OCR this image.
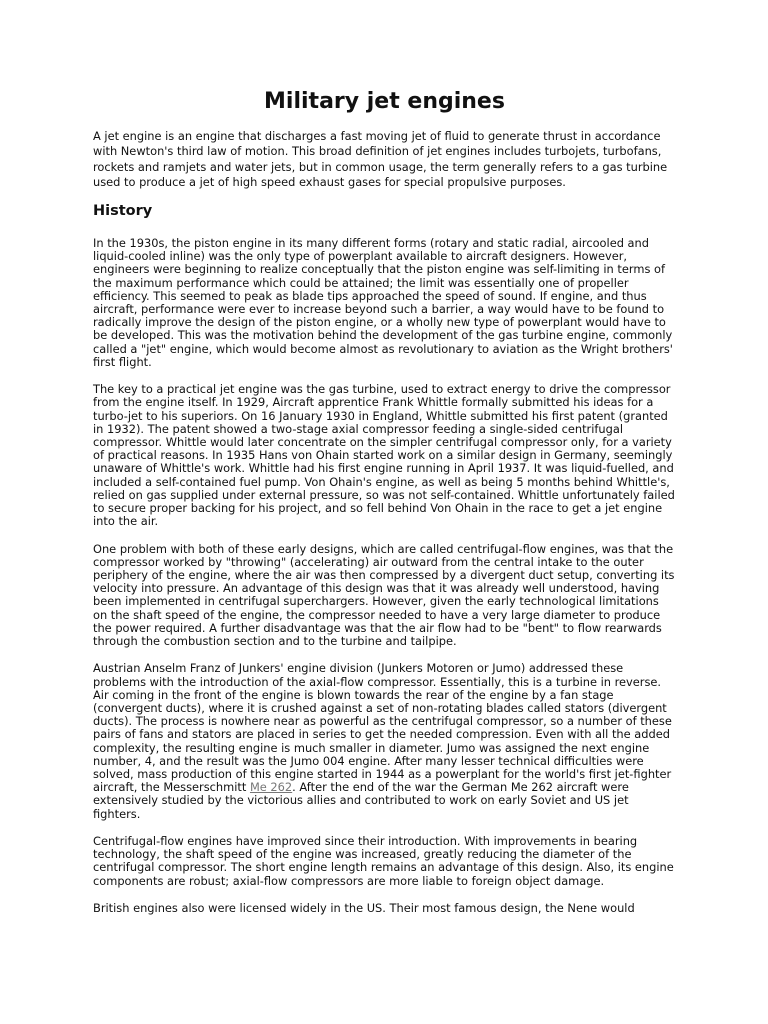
Military jet engines

A jet engine is an engine that discharges a fast moving jet of fluid to generate thrust in accordance with Newton's third law of motion. This broad definition of jet engines includes turbojets, turbofans, rockets and ramjets and water jets, but in common usage, the term generally refers to a gas turbine used to produce a jet of high speed exhaust gases for special propulsive purposes.

History

In the 1930s, the piston engine in its many different forms (rotary and static radial, aircooled and liquid-cooled inline) was the only type of powerplant available to aircraft designers. However, engineers were beginning to realize conceptually that the piston engine was self-limiting in terms of the maximum performance which could be attained; the limit was essentially one of propeller efficiency. This seemed to peak as blade tips approached the speed of sound. If engine, and thus aircraft, performance were ever to increase beyond such a barrier, a way would have to be found to radically improve the design of the piston engine, or a wholly new type of powerplant would have to be developed. This was the motivation behind the development of the gas turbine engine, commonly called a "jet" engine, which would become almost as revolutionary to aviation as the Wright brothers' first flight.

The key to a practical jet engine was the gas turbine, used to extract energy to drive the compressor from the engine itself. In 1929, Aircraft apprentice Frank Whittle formally submitted his ideas for a turbo-jet to his superiors. On 16 January 1930 in England, Whittle submitted his first patent (granted in 1932). The patent showed a two-stage axial compressor feeding a single-sided centrifugal compressor. Whittle would later concentrate on the simpler centrifugal compressor only, for a variety of practical reasons. In 1935 Hans von Ohain started work on a similar design in Germany, seemingly unaware of Whittle's work. Whittle had his first engine running in April 1937. It was liquid-fuelled, and included a self-contained fuel pump. Von Ohain's engine, as well as being 5 months behind Whittle's, relied on gas supplied under external pressure, so was not self-contained. Whittle unfortunately failed to secure proper backing for his project, and so fell behind Von Ohain in the race to get a jet engine into the air.

One problem with both of these early designs, which are called centrifugal-flow engines, was that the compressor worked by "throwing" (accelerating) air outward from the central intake to the outer periphery of the engine, where the air was then compressed by a divergent duct setup, converting its velocity into pressure. An advantage of this design was that it was already well understood, having been implemented in centrifugal superchargers. However, given the early technological limitations on the shaft speed of the engine, the compressor needed to have a very large diameter to produce the power required. A further disadvantage was that the air flow had to be "bent" to flow rearwards through the combustion section and to the turbine and tailpipe.

Austrian Anselm Franz of Junkers' engine division (Junkers Motoren or Jumo) addressed these problems with the introduction of the axial-flow compressor. Essentially, this is a turbine in reverse. Air coming in the front of the engine is blown towards the rear of the engine by a fan stage (convergent ducts), where it is crushed against a set of non-rotating blades called stators (divergent ducts). The process is nowhere near as powerful as the centrifugal compressor, so a number of these pairs of fans and stators are placed in series to get the needed compression. Even with all the added complexity, the resulting engine is much smaller in diameter. Jumo was assigned the next engine number, 4, and the result was the Jumo 004 engine. After many lesser technical difficulties were solved, mass production of this engine started in 1944 as a powerplant for the world's first jet-fighter aircraft, the Messerschmitt Me 262. After the end of the war the German Me 262 aircraft were extensively studied by the victorious allies and contributed to work on early Soviet and US jet fighters.

Centrifugal-flow engines have improved since their introduction. With improvements in bearing technology, the shaft speed of the engine was increased, greatly reducing the diameter of the centrifugal compressor. The short engine length remains an advantage of this design. Also, its engine components are robust; axial-flow compressors are more liable to foreign object damage.

British engines also were licensed widely in the US. Their most famous design, the Nene would
